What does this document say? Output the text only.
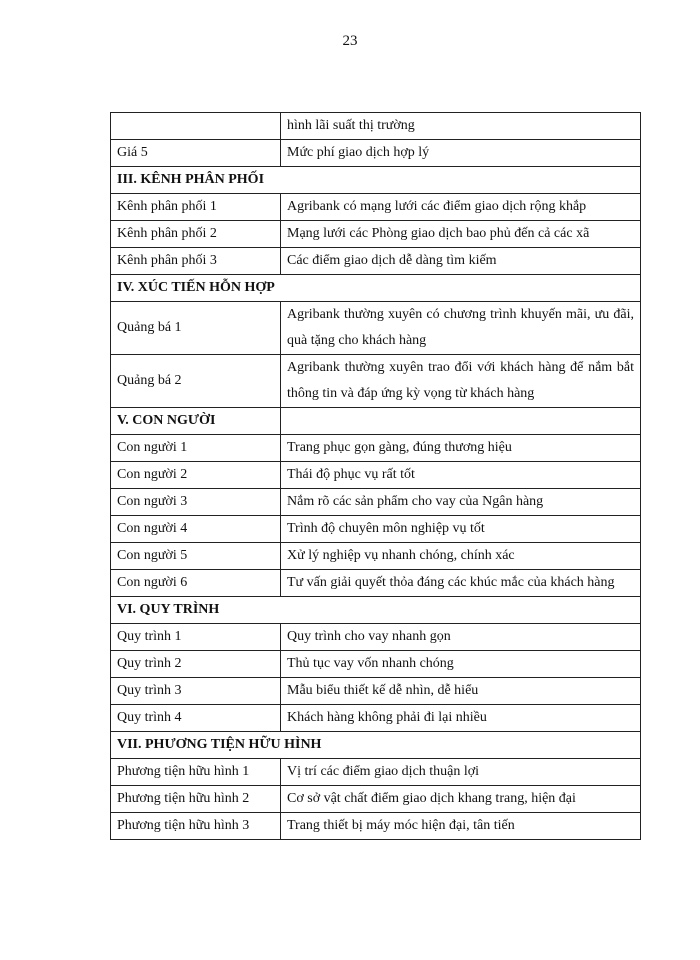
23
	hình lãi suất thị trường
Giá 5	Mức phí giao dịch hợp lý
III. KÊNH PHÂN PHỐI	
Kênh phân phối 1	Agribank có mạng lưới các điểm giao dịch rộng khắp
Kênh phân phối 2	Mạng lưới các Phòng giao dịch bao phủ đến cả các xã
Kênh phân phối 3	Các điểm giao dịch dễ dàng tìm kiếm
IV. XÚC TIẾN HỖN HỢP	
Quảng bá 1	Agribank thường xuyên có chương trình khuyến mãi, ưu đãi, quà tặng cho khách hàng
Quảng bá 2	Agribank thường xuyên trao đổi với khách hàng để nắm bắt thông tin và đáp ứng kỳ vọng từ khách hàng
V. CON NGƯỜI	
Con người 1	Trang phục gọn gàng, đúng thương hiệu
Con người 2	Thái độ phục vụ rất tốt
Con người 3	Nắm rõ các sản phẩm cho vay của Ngân hàng
Con người 4	Trình độ chuyên môn nghiệp vụ tốt
Con người 5	Xử lý nghiệp vụ nhanh chóng, chính xác
Con người 6	Tư vấn giải quyết thỏa đáng các khúc mắc của khách hàng
VI. QUY TRÌNH	
Quy trình 1	Quy trình cho vay nhanh gọn
Quy trình 2	Thủ tục vay vốn nhanh chóng
Quy trình 3	Mẫu biểu thiết kế dễ nhìn, dễ hiểu
Quy trình 4	Khách hàng không phải đi lại nhiều
VII. PHƯƠNG TIỆN HỮU HÌNH	
Phương tiện hữu hình 1	Vị trí các điểm giao dịch thuận lợi
Phương tiện hữu hình 2	Cơ sở vật chất điểm giao dịch khang trang, hiện đại
Phương tiện hữu hình 3	Trang thiết bị máy móc hiện đại, tân tiến
